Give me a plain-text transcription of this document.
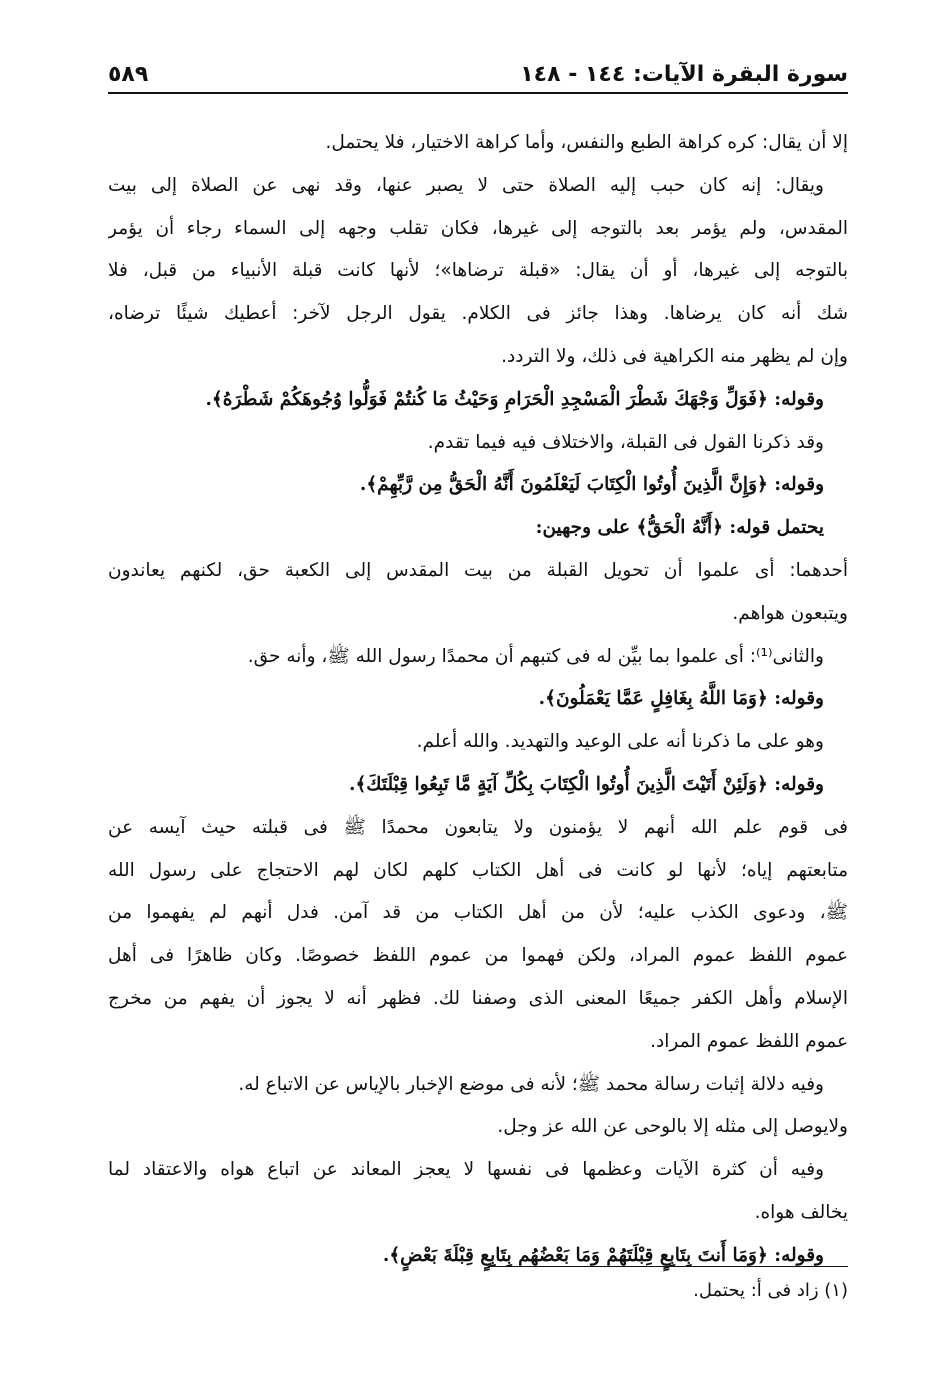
سورة البقرة الآيات: ١٤٤ - ١٤٨
٥٨٩
إلا أن يقال: كره كراهة الطبع والنفس، وأما كراهة الاختيار، فلا يحتمل.
ويقال: إنه كان حبب إليه الصلاة حتى لا يصبر عنها، وقد نهى عن الصلاة إلى بيت
المقدس، ولم يؤمر بعد بالتوجه إلى غيرها، فكان تقلب وجهه إلى السماء رجاء أن يؤمر
بالتوجه إلى غيرها، أو أن يقال: «قبلة ترضاها»؛ لأنها كانت قبلة الأنبياء من قبل، فلا
شك أنه كان يرضاها. وهذا جائز فى الكلام. يقول الرجل لآخر: أعطيك شيئًا ترضاه،
وإن لم يظهر منه الكراهية فى ذلك، ولا التردد.
وقوله: ﴿فَوَلِّ وَجْهَكَ شَطْرَ الْمَسْجِدِ الْحَرَامِ وَحَيْثُ مَا كُنتُمْ فَوَلُّوا وُجُوهَكُمْ شَطْرَهُ﴾.
وقد ذكرنا القول فى القبلة، والاختلاف فيه فيما تقدم.
وقوله: ﴿وَإِنَّ الَّذِينَ أُوتُوا الْكِتَابَ لَيَعْلَمُونَ أَنَّهُ الْحَقُّ مِن رَّبِّهِمْ﴾.
يحتمل قوله: ﴿أَنَّهُ الْحَقُّ﴾ على وجهين:
أحدهما: أى علموا أن تحويل القبلة من بيت المقدس إلى الكعبة حق، لكنهم يعاندون
ويتبعون هواهم.
والثانى⁽¹⁾: أى علموا بما بيِّن له فى كتبهم أن محمدًا رسول الله ﷺ، وأنه حق.
وقوله: ﴿وَمَا اللَّهُ بِغَافِلٍ عَمَّا يَعْمَلُونَ﴾.
وهو على ما ذكرنا أنه على الوعيد والتهديد. والله أعلم.
وقوله: ﴿وَلَئِنْ أَتَيْتَ الَّذِينَ أُوتُوا الْكِتَابَ بِكُلِّ آيَةٍ مَّا تَبِعُوا قِبْلَتَكَ﴾.
فى قوم علم الله أنهم لا يؤمنون ولا يتابعون محمدًا ﷺ فى قبلته حيث آيسه عن
متابعتهم إياه؛ لأنها لو كانت فى أهل الكتاب كلهم لكان لهم الاحتجاج على رسول الله
ﷺ، ودعوى الكذب عليه؛ لأن من أهل الكتاب من قد آمن. فدل أنهم لم يفهموا من
عموم اللفظ عموم المراد، ولكن فهموا من عموم اللفظ خصوصًا. وكان ظاهرًا فى أهل
الإسلام وأهل الكفر جميعًا المعنى الذى وصفنا لك. فظهر أنه لا يجوز أن يفهم من مخرج
عموم اللفظ عموم المراد.
وفيه دلالة إثبات رسالة محمد ﷺ؛ لأنه فى موضع الإخبار بالإياس عن الاتباع له.
ولايوصل إلى مثله إلا بالوحى عن الله عز وجل.
وفيه أن كثرة الآيات وعظمها فى نفسها لا يعجز المعاند عن اتباع هواه والاعتقاد لما
يخالف هواه.
وقوله: ﴿وَمَا أَنتَ بِتَابِعٍ قِبْلَتَهُمْ وَمَا بَعْضُهُم بِتَابِعٍ قِبْلَةَ بَعْضٍ﴾.
(١) زاد فى أ: يحتمل.
